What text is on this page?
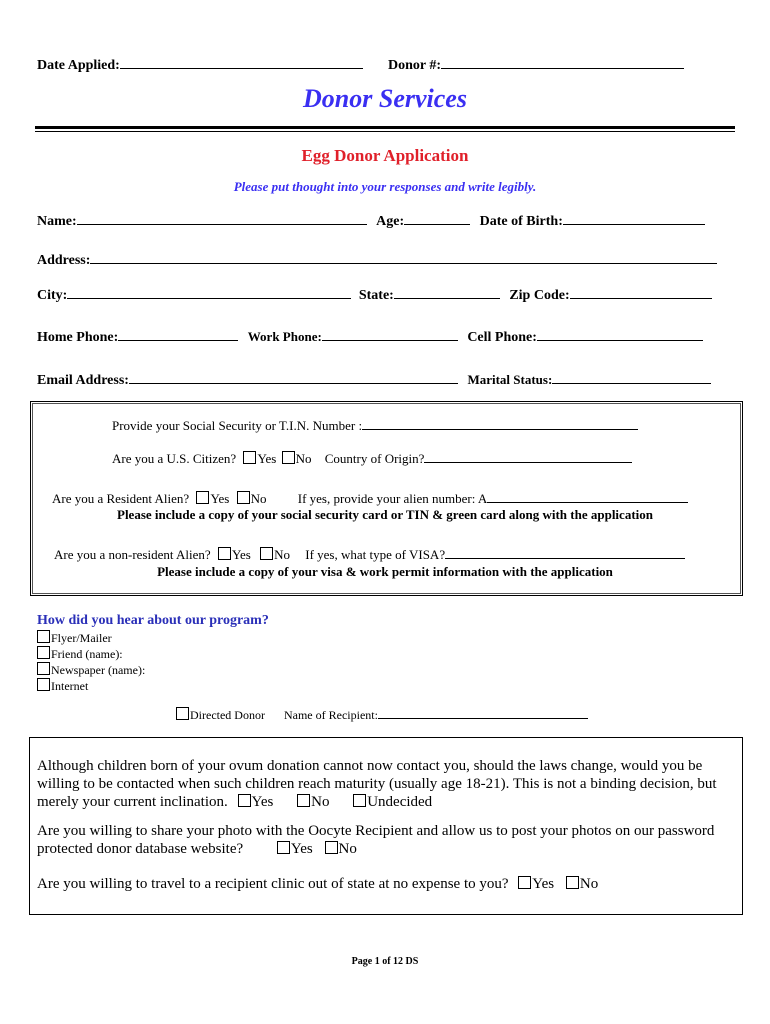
Date Applied:	Donor #:
Donor Services
Egg Donor Application
Please put thought into your responses and write legibly.
Name:	Age:	Date of Birth:
Address:
City:	State:	Zip Code:
Home Phone:	Work Phone:	Cell Phone:
Email Address:	Marital Status:
Provide your Social Security or T.I.N. Number :
Are you a U.S. Citizen? Yes No Country of Origin?
Are you a Resident Alien? Yes No If yes, provide your alien number: A
Please include a copy of your social security card or TIN & green card along with the application
Are you a non-resident Alien? Yes No If yes, what type of VISA?
Please include a copy of your visa & work permit information with the application
How did you hear about our program?
Flyer/Mailer
Friend (name):
Newspaper (name):
Internet
Directed Donor Name of Recipient:
Although children born of your ovum donation cannot now contact you, should the laws change, would you be willing to be contacted when such children reach maturity (usually age 18-21). This is not a binding decision, but merely your current inclination. Yes	No	Undecided
Are you willing to share your photo with the Oocyte Recipient and allow us to post your photos on our password protected donor database website?	Yes No
Are you willing to travel to a recipient clinic out of state at no expense to you? Yes No
Page 1 of 12 DS
